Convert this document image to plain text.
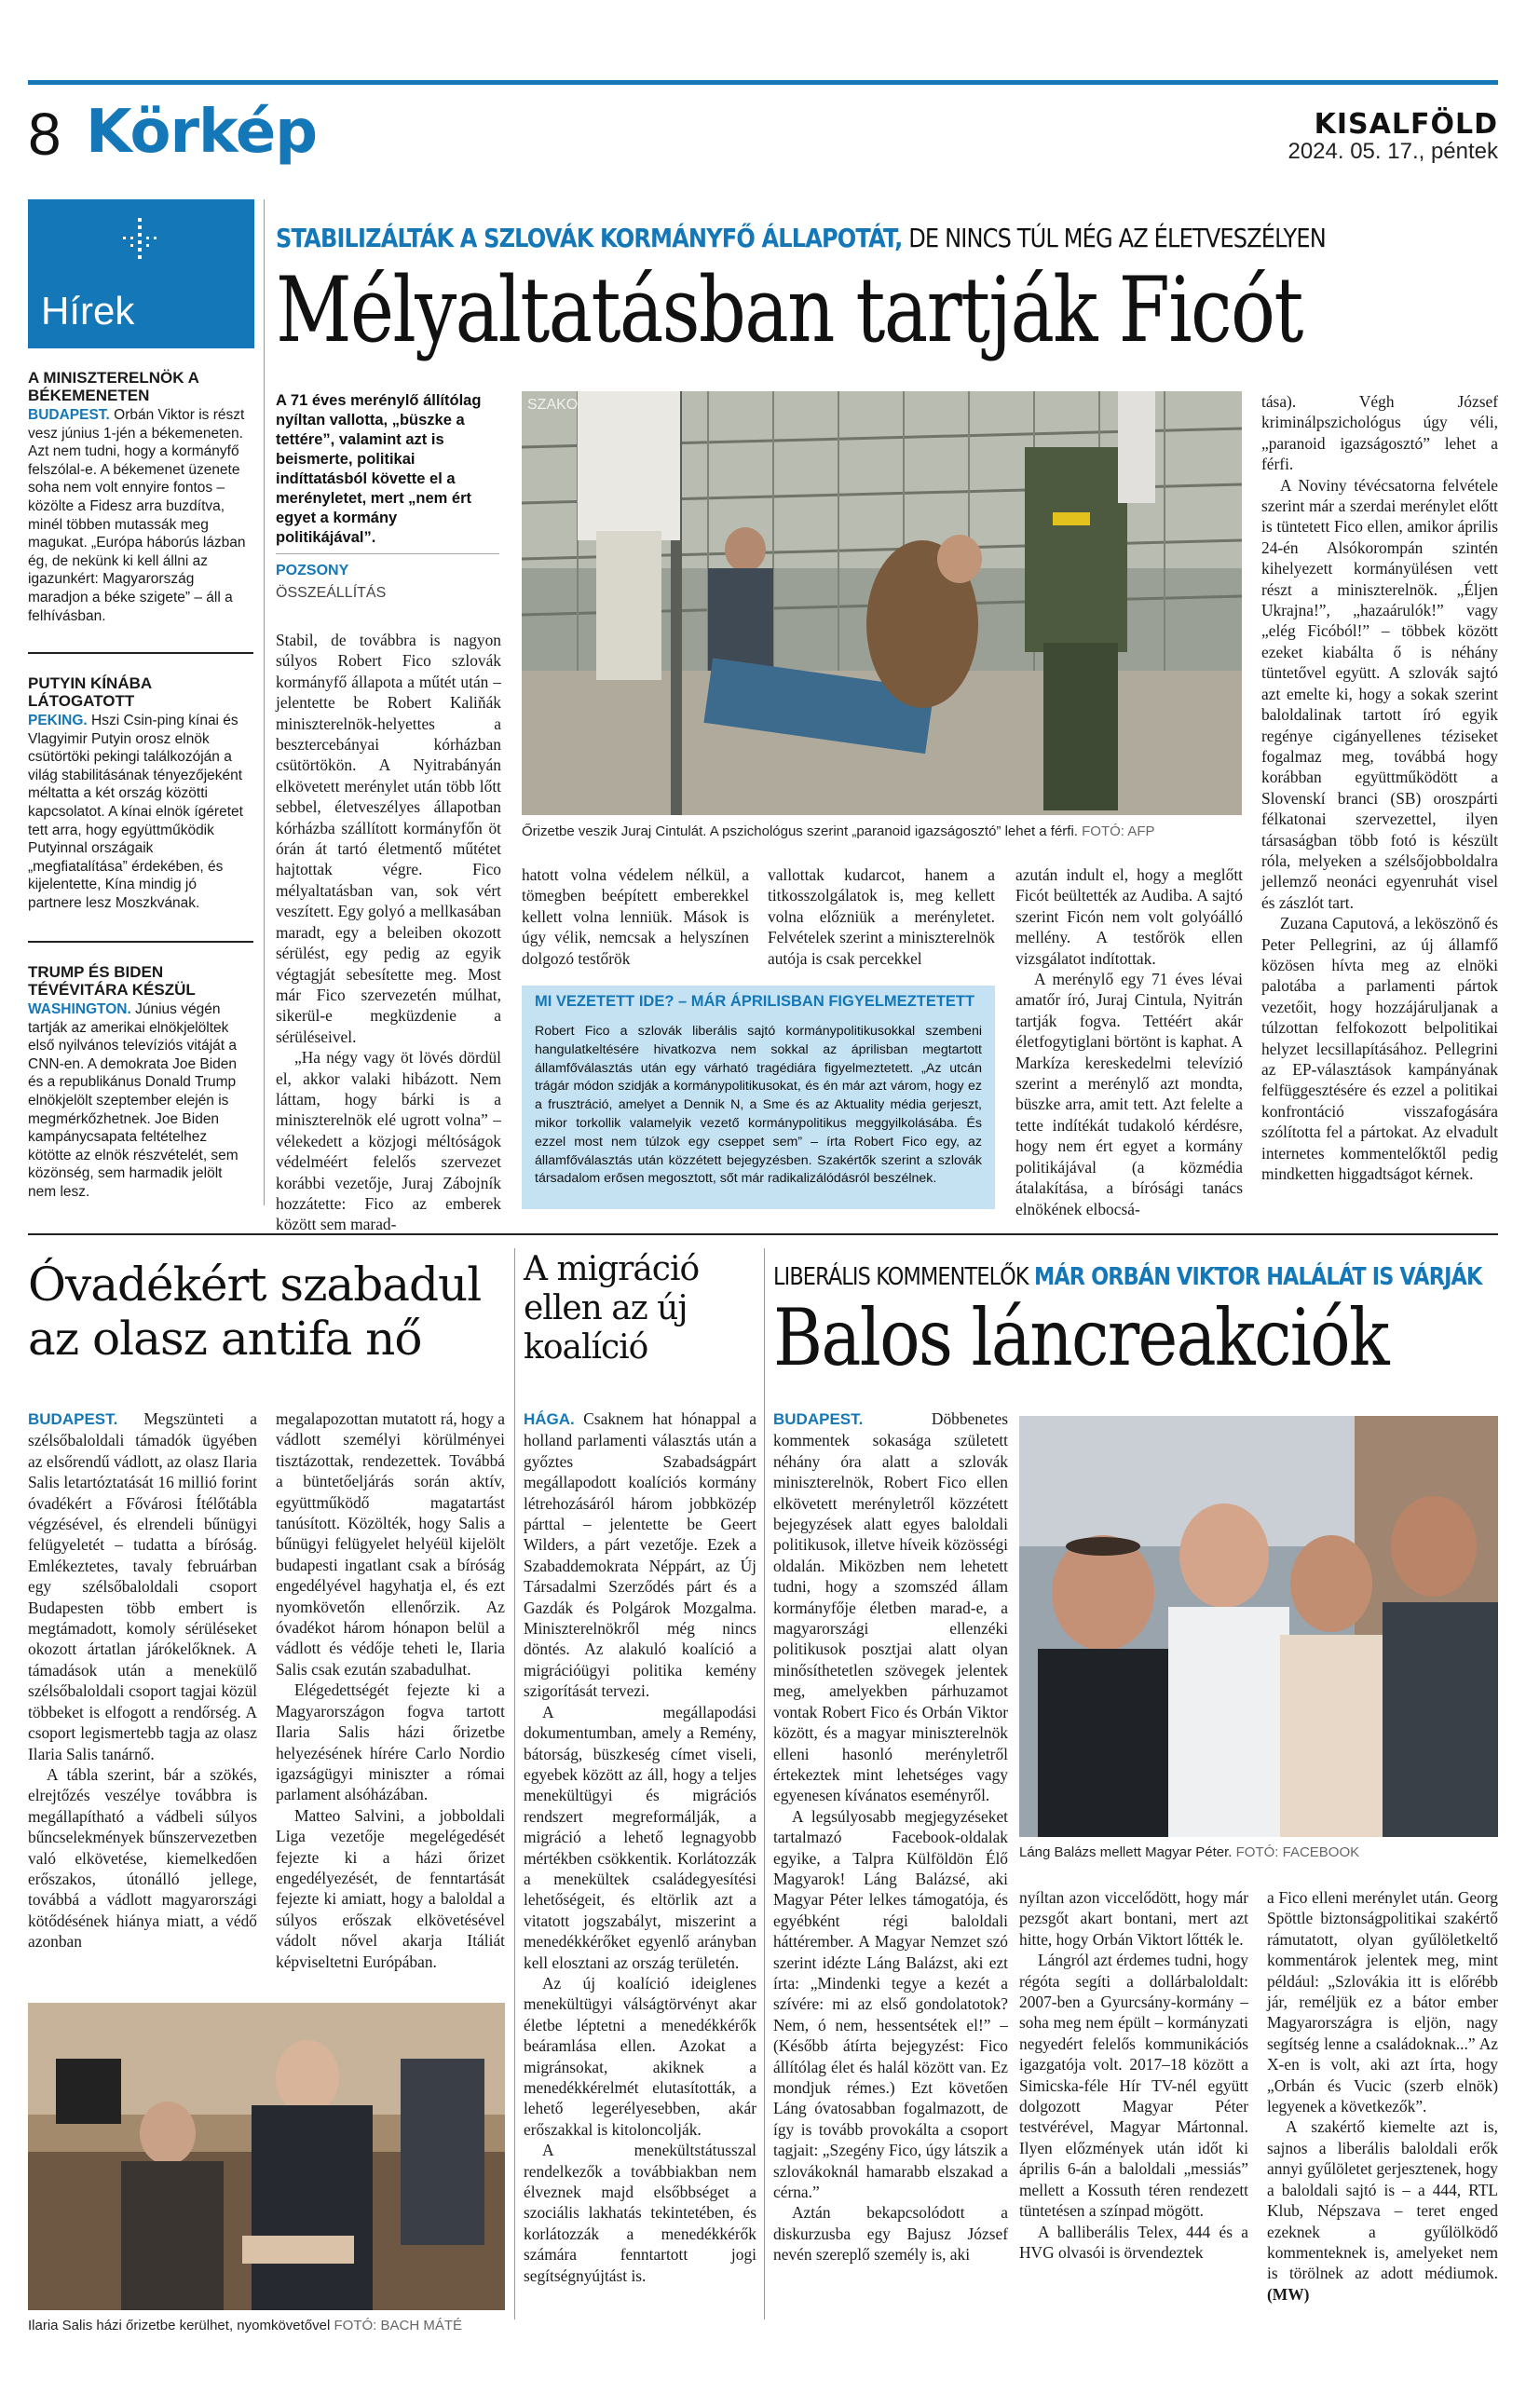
8 Körkép	KISALFÖLD
2024. 05. 17., péntek
Hírek
A MINISZTERELNÖK A BÉKEMENETEN
BUDAPEST. Orbán Viktor is részt vesz június 1-jén a békemeneten. Azt nem tudni, hogy a kormányfő felszólal-e. A békemenet üzenete soha nem volt ennyire fontos – közölte a Fidesz arra buzdítva, minél többen mutassák meg magukat. „Európa háborús lázban ég, de nekünk ki kell állni az igazunkért: Magyarország maradjon a béke szigete” – áll a felhívásban.
PUTYIN KÍNÁBA LÁTOGATOTT
PEKING. Hszi Csin-ping kínai és Vlagyimir Putyin orosz elnök csütörtöki pekingi találkozóján a világ stabilitásának tényezőjeként méltatta a két ország közötti kapcsolatot. A kínai elnök ígéretet tett arra, hogy együttműködik Putyinnal országaik „megfiatalítása” érdekében, és kijelentette, Kína mindig jó partnere lesz Moszkvának.
TRUMP ÉS BIDEN TÉVÉVITÁRA KÉSZÜL
WASHINGTON. Június végén tartják az amerikai elnökjelöltek első nyilvános televíziós vitáját a CNN-en. A demokrata Joe Biden és a republikánus Donald Trump elnökjelölt szeptember elején is megmérkőzhetnek. Joe Biden kampánycsapata feltételhez kötötte az elnök részvételét, sem közönség, sem harmadik jelölt nem lesz.
STABILIZÁLTÁK A SZLOVÁK KORMÁNYFŐ ÁLLAPOTÁT, DE NINCS TÚL MÉG AZ ÉLETVESZÉLYEN
Mélyaltatásban tartják Ficót
A 71 éves merénylő állítólag nyíltan vallotta, „büszke a tettére”, valamint azt is beismerte, politikai indíttatásból követte el a merényletet, mert „nem ért egyet a kormány politikájával”.
POZSONY
ÖSSZEÁLLÍTÁS

Stabil, de továbbra is nagyon súlyos Robert Fico szlovák kormányfő állapota a műtét után – jelentette be Robert Kaliňák miniszterelnök-helyettes a besztercebányai kórházban csütörtökön. A Nyitrabányán elkövetett merénylet után több lőtt sebbel, életveszélyes állapotban kórházba szállított kormányfőn öt órán át tartó életmentő műtétet hajtottak végre. Fico mélyaltatásban van, sok vért veszített. Egy golyó a mellkasában maradt, egy a beleiben okozott sérülést, egy pedig az egyik végtagját sebesítette meg. Most már Fico szervezetén múlhat, sikerül-e megküzdenie a sérüléseivel.

„Ha négy vagy öt lövés dördül el, akkor valaki hibázott. Nem láttam, hogy bárki is a miniszterelnök elé ugrott volna” – vélekedett a közjogi méltóságok védelméért felelős szervezet korábbi vezetője, Juraj Zábojník hozzátette: Fico az emberek között sem marad-

SZAKO
Őrizetbe veszik Juraj Cintulát. A pszichológus szerint „paranoid igazságosztó” lehet a férfi. FOTÓ: AFP

hatott volna védelem nélkül, a tömegben beépített emberekkel kellett volna lenniük. Mások is úgy vélik, nemcsak a helyszínen dolgozó testőrök

vallottak kudarcot, hanem a titkosszolgálatok is, meg kellett volna előzniük a merényletet. Felvételek szerint a miniszterelnök autója is csak percekkel

MI VEZETETT IDE? – MÁR ÁPRILISBAN FIGYELMEZTETETT
Robert Fico a szlovák liberális sajtó kormánypolitikusokkal szembeni hangulatkeltésére hivatkozva nem sokkal az áprilisban megtartott államfőválasztás után egy várható tragédiára figyelmeztetett. „Az utcán trágár módon szidják a kormánypolitikusokat, és én már azt várom, hogy ez a frusztráció, amelyet a Dennik N, a Sme és az Aktuality média gerjeszt, mikor torkollik valamelyik vezető kormánypolitikus meggyilkolásába. És ezzel most nem túlzok egy cseppet sem” – írta Robert Fico egy, az államfőválasztás után közzétett bejegyzésben. Szakértők szerint a szlovák társadalom erősen megosztott, sőt már radikalizálódásról beszélnek.

azután indult el, hogy a meglőtt Ficót beültették az Audiba. A sajtó szerint Ficón nem volt golyóálló mellény. A testőrök ellen vizsgálatot indítottak.

A merénylő egy 71 éves lévai amatőr író, Juraj Cintula, Nyitrán tartják fogva. Tettéért akár életfogytiglani börtönt is kaphat. A Markíza kereskedelmi televízió szerint a merénylő azt mondta, büszke arra, amit tett. Azt felelte a tette indítékát tudakoló kérdésre, hogy nem ért egyet a kormány politikájával (a közmédia átalakítása, a bírósági tanács elnökének elbocsá-

tása). Végh József kriminálpszichológus úgy véli, „paranoid igazságosztó” lehet a férfi.

A Noviny tévécsatorna felvétele szerint már a szerdai merénylet előtt is tüntetett Fico ellen, amikor április 24-én Alsókorompán szintén kihelyezett kormányülésen vett részt a miniszterelnök. „Éljen Ukrajna!”, „hazaárulók!” vagy „elég Ficóból!” – többek között ezeket kiabálta ő is néhány tüntetővel együtt. A szlovák sajtó azt emelte ki, hogy a sokak szerint baloldalinak tartott író egyik regénye cigányellenes téziseket fogalmaz meg, továbbá hogy korábban együttműködött a Slovenskí branci (SB) oroszpárti félkatonai szervezettel, ilyen társaságban több fotó is készült róla, melyeken a szélsőjobboldalra jellemző neonáci egyenruhát visel és zászlót tart.

Zuzana Caputová, a leköszönő és Peter Pellegrini, az új államfő közösen hívta meg az elnöki palotába a parlamenti pártok vezetőit, hogy hozzájáruljanak a túlzottan felfokozott belpolitikai helyzet lecsillapításához. Pellegrini az EP-választások kampányának felfüggesztésére és ezzel a politikai konfrontáció visszafogására szólította fel a pártokat. Az elvadult internetes kommentelőktől pedig mindketten higgadtságot kérnek.

Óvadékért szabadul az olasz antifa nő

BUDAPEST. Megszünteti a szélsőbaloldali támadók ügyében az elsőrendű vádlott, az olasz Ilaria Salis letartóztatását 16 millió forint óvadékért a Fővárosi Ítélőtábla végzésével, és elrendeli bűnügyi felügyeletét – tudatta a bíróság. Emlékeztetes, tavaly februárban egy szélsőbaloldali csoport Budapesten több embert is megtámadott, komoly sérüléseket okozott ártatlan járókelőknek. A támadások után a menekülő szélsőbaloldali csoport tagjai közül többeket is elfogott a rendőrség. A csoport legismertebb tagja az olasz Ilaria Salis tanárnő.

A tábla szerint, bár a szökés, elrejtőzés veszélye továbbra is megállapítható a vádbeli súlyos bűncselekmények bűnszervezetben való elkövetése, kiemelkedően erőszakos, útonálló jellege, továbbá a vádlott magyarországi kötődésének hiánya miatt, a védő azonban

megalapozottan mutatott rá, hogy a vádlott személyi körülményei tisztázottak, rendezettek. Továbbá a büntetőeljárás során aktív, együttműködő magatartást tanúsított. Közölték, hogy Salis a bűnügyi felügyelet helyéül kijelölt budapesti ingatlant csak a bíróság engedélyével hagyhatja el, és ezt nyomkövetőn ellenőrzik. Az óvadékot három hónapon belül a vádlott és védője teheti le, Ilaria Salis csak ezután szabadulhat.

Elégedettségét fejezte ki a Magyarországon fogva tartott Ilaria Salis házi őrizetbe helyezésének hírére Carlo Nordio igazságügyi miniszter a római parlament alsóházában.

Matteo Salvini, a jobboldali Liga vezetője megelégedését fejezte ki a házi őrizet engedélyezését, de fenntartását fejezte ki amiatt, hogy a baloldal a súlyos erőszak elkövetésével vádolt nővel akarja Itáliát képviseltetni Európában.

Ilaria Salis házi őrizetbe kerülhet, nyomkövetővel FOTÓ: BACH MÁTÉ
A migráció ellen az új koalíció

HÁGA. Csaknem hat hónappal a holland parlamenti választás után a győztes Szabadságpárt megállapodott koalíciós kormány létrehozásáról három jobbközép párttal – jelentette be Geert Wilders, a párt vezetője. Ezek a Szabaddemokrata Néppárt, az Új Társadalmi Szerződés párt és a Gazdák és Polgárok Mozgalma. Miniszterelnökről még nincs döntés. Az alakuló koalíció a migrációügyi politika kemény szigorítását tervezi.

A megállapodási dokumentumban, amely a Remény, bátorság, büszkeség címet viseli, egyebek között az áll, hogy a teljes menekültügyi és migrációs rendszert megreformálják, a migráció a lehető legnagyobb mértékben csökkentik. Korlátozzák a menekültek családegyesítési lehetőségeit, és eltörlik azt a vitatott jogszabályt, miszerint a menedékkérőket egyenlő arányban kell elosztani az ország területén.

Az új koalíció ideiglenes menekültügyi válságtörvényt akar életbe léptetni a menedékkérők beáramlása ellen. Azokat a migránsokat, akiknek a menedékkérelmét elutasították, a lehető legerélyesebben, akár erőszakkal is kitoloncolják.

A menekültstátusszal rendelkezők a továbbiakban nem élveznek majd elsőbbséget a szociális lakhatás tekintetében, és korlátozzák a menedékkérők számára fenntartott jogi segítségnyújtást is.

LIBERÁLIS KOMMENTELŐK MÁR ORBÁN VIKTOR HALÁLÁT IS VÁRJÁK
Balos láncreakciók

BUDAPEST. Döbbenetes kommentek sokasága született néhány óra alatt a szlovák miniszterelnök, Robert Fico ellen elkövetett merényletről közzétett bejegyzések alatt egyes baloldali politikusok, illetve híveik közösségi oldalán. Miközben nem lehetett tudni, hogy a szomszéd állam kormányfője életben marad-e, a magyarországi ellenzéki politikusok posztjai alatt olyan minősíthetetlen szövegek jelentek meg, amelyekben párhuzamot vontak Robert Fico és Orbán Viktor között, és a magyar miniszterelnök elleni hasonló merényletről értekeztek mint lehetséges vagy egyenesen kívánatos eseményről.

A legsúlyosabb megjegyzéseket tartalmazó Facebook-oldalak egyike, a Talpra Külföldön Élő Magyarok! Láng Balázsé, aki Magyar Péter lelkes támogatója, és egyébként régi baloldali háttérember. A Magyar Nemzet szó szerint idézte Láng Balázst, aki ezt írta: „Mindenki tegye a kezét a szívére: mi az első gondolatotok? Nem, ó nem, hessentsétek el!” – (Később átírta bejegyzést: Fico állítólag élet és halál között van. Ez mondjuk rémes.) Ezt követően Láng óvatosabban fogalmazott, de így is tovább provokálta a csoport tagjait: „Szegény Fico, úgy látszik a szlovákoknál hamarabb elszakad a cérna.”

Aztán bekapcsolódott a diskurzusba egy Bajusz József nevén szereplő személy is, aki

Láng Balázs mellett Magyar Péter. FOTÓ: FACEBOOK

nyíltan azon viccelődött, hogy már pezsgőt akart bontani, mert azt hitte, hogy Orbán Viktort lőtték le.

Lángról azt érdemes tudni, hogy régóta segíti a dollárbaloldalt: 2007-ben a Gyurcsány-kormány – soha meg nem épült – kormányzati negyedért felelős kommunikációs igazgatója volt. 2017–18 között a Simicska-féle Hír TV-nél együtt dolgozott Magyar Péter testvérével, Magyar Mártonnal. Ilyen előzmények után időt ki április 6-án a baloldali „messiás” mellett a Kossuth téren rendezett tüntetésen a színpad mögött.

A balliberális Telex, 444 és a HVG olvasói is örvendeztek

a Fico elleni merénylet után. Georg Spöttle biztonságpolitikai szakértő rámutatott, olyan gyűlöletkeltő kommentárok jelentek meg, mint például: „Szlovákia itt is előrébb jár, reméljük ez a bátor ember Magyarországra is eljön, nagy segítség lenne a családoknak...” Az X-en is volt, aki azt írta, hogy „Orbán és Vucic (szerb elnök) legyenek a következők”.

A szakértő kiemelte azt is, sajnos a liberális baloldali erők annyi gyűlöletet gerjesztenek, hogy a baloldali sajtó is – a 444, RTL Klub, Népszava – teret enged ezeknek a gyűlölködő kommenteknek is, amelyeket nem is törölnek az adott médiumok. (MW)
